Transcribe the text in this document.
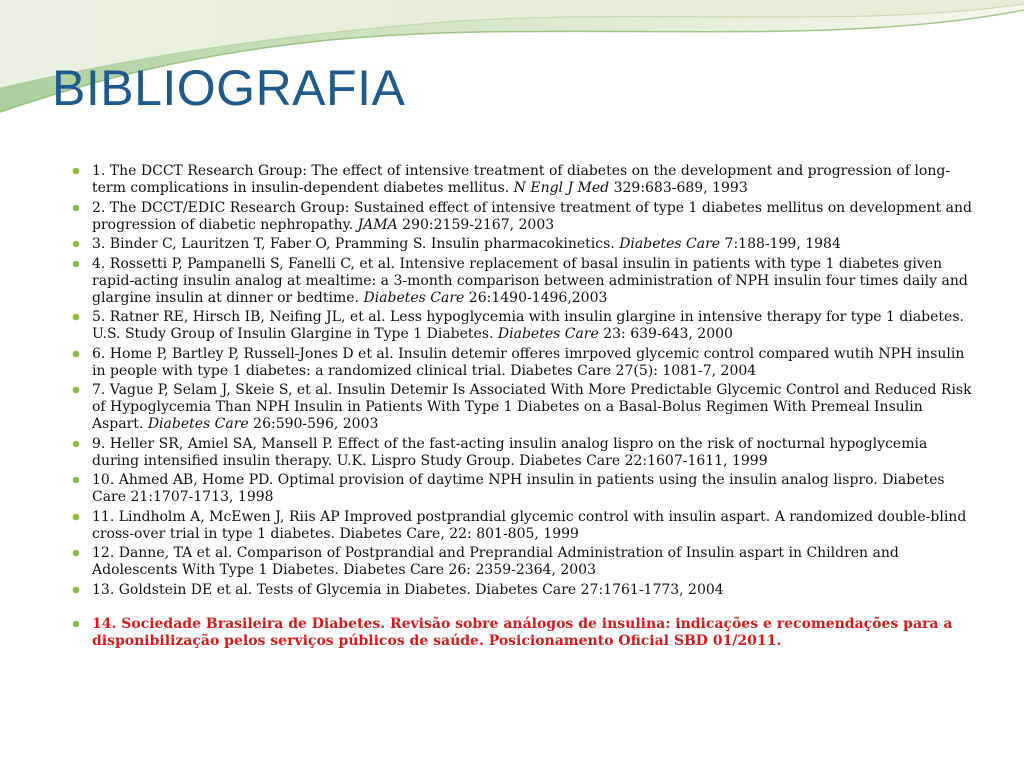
BIBLIOGRAFIA
1. The DCCT Research Group: The effect of intensive treatment of diabetes on the development and progression of long-term complications in insulin-dependent diabetes mellitus. N Engl J Med 329:683-689, 1993
2. The DCCT/EDIC Research Group: Sustained effect of intensive treatment of type 1 diabetes mellitus on development and progression of diabetic nephropathy. JAMA 290:2159-2167, 2003
3. Binder C, Lauritzen T, Faber O, Pramming S. Insulin pharmacokinetics. Diabetes Care 7:188-199, 1984
4. Rossetti P, Pampanelli S, Fanelli C, et al. Intensive replacement of basal insulin in patients with type 1 diabetes given rapid-acting insulin analog at mealtime: a 3-month comparison between administration of NPH insulin four times daily and glargine insulin at dinner or bedtime. Diabetes Care 26:1490-1496,2003
5. Ratner RE, Hirsch IB, Neifing JL, et al. Less hypoglycemia with insulin glargine in intensive therapy for type 1 diabetes. U.S. Study Group of Insulin Glargine in Type 1 Diabetes. Diabetes Care 23: 639-643, 2000
6. Home P, Bartley P, Russell-Jones D et al. Insulin detemir offeres imrpoved glycemic control compared wutih NPH insulin in people with type 1 diabetes: a randomized clinical trial. Diabetes Care 27(5): 1081-7, 2004
7. Vague P, Selam J, Skeie S, et al. Insulin Detemir Is Associated With More Predictable Glycemic Control and Reduced Risk of Hypoglycemia Than NPH Insulin in Patients With Type 1 Diabetes on a Basal-Bolus Regimen With Premeal Insulin Aspart. Diabetes Care 26:590-596, 2003
9. Heller SR, Amiel SA, Mansell P. Effect of the fast-acting insulin analog lispro on the risk of nocturnal hypoglycemia during intensified insulin therapy. U.K. Lispro Study Group. Diabetes Care 22:1607-1611, 1999
10. Ahmed AB, Home PD. Optimal provision of daytime NPH insulin in patients using the insulin analog lispro. Diabetes Care 21:1707-1713, 1998
11. Lindholm A, McEwen J, Riis AP Improved postprandial glycemic control with insulin aspart. A randomized double-blind cross-over trial in type 1 diabetes. Diabetes Care, 22: 801-805, 1999
12. Danne, TA et al. Comparison of Postprandial and Preprandial Administration of Insulin aspart in Children and Adolescents With Type 1 Diabetes. Diabetes Care 26: 2359-2364, 2003
13. Goldstein DE et al. Tests of Glycemia in Diabetes. Diabetes Care 27:1761-1773, 2004
14. Sociedade Brasileira de Diabetes. Revisão sobre análogos de insulina: indicações e recomendações para a disponibilização pelos serviços públicos de saúde. Posicionamento Oficial SBD 01/2011.
